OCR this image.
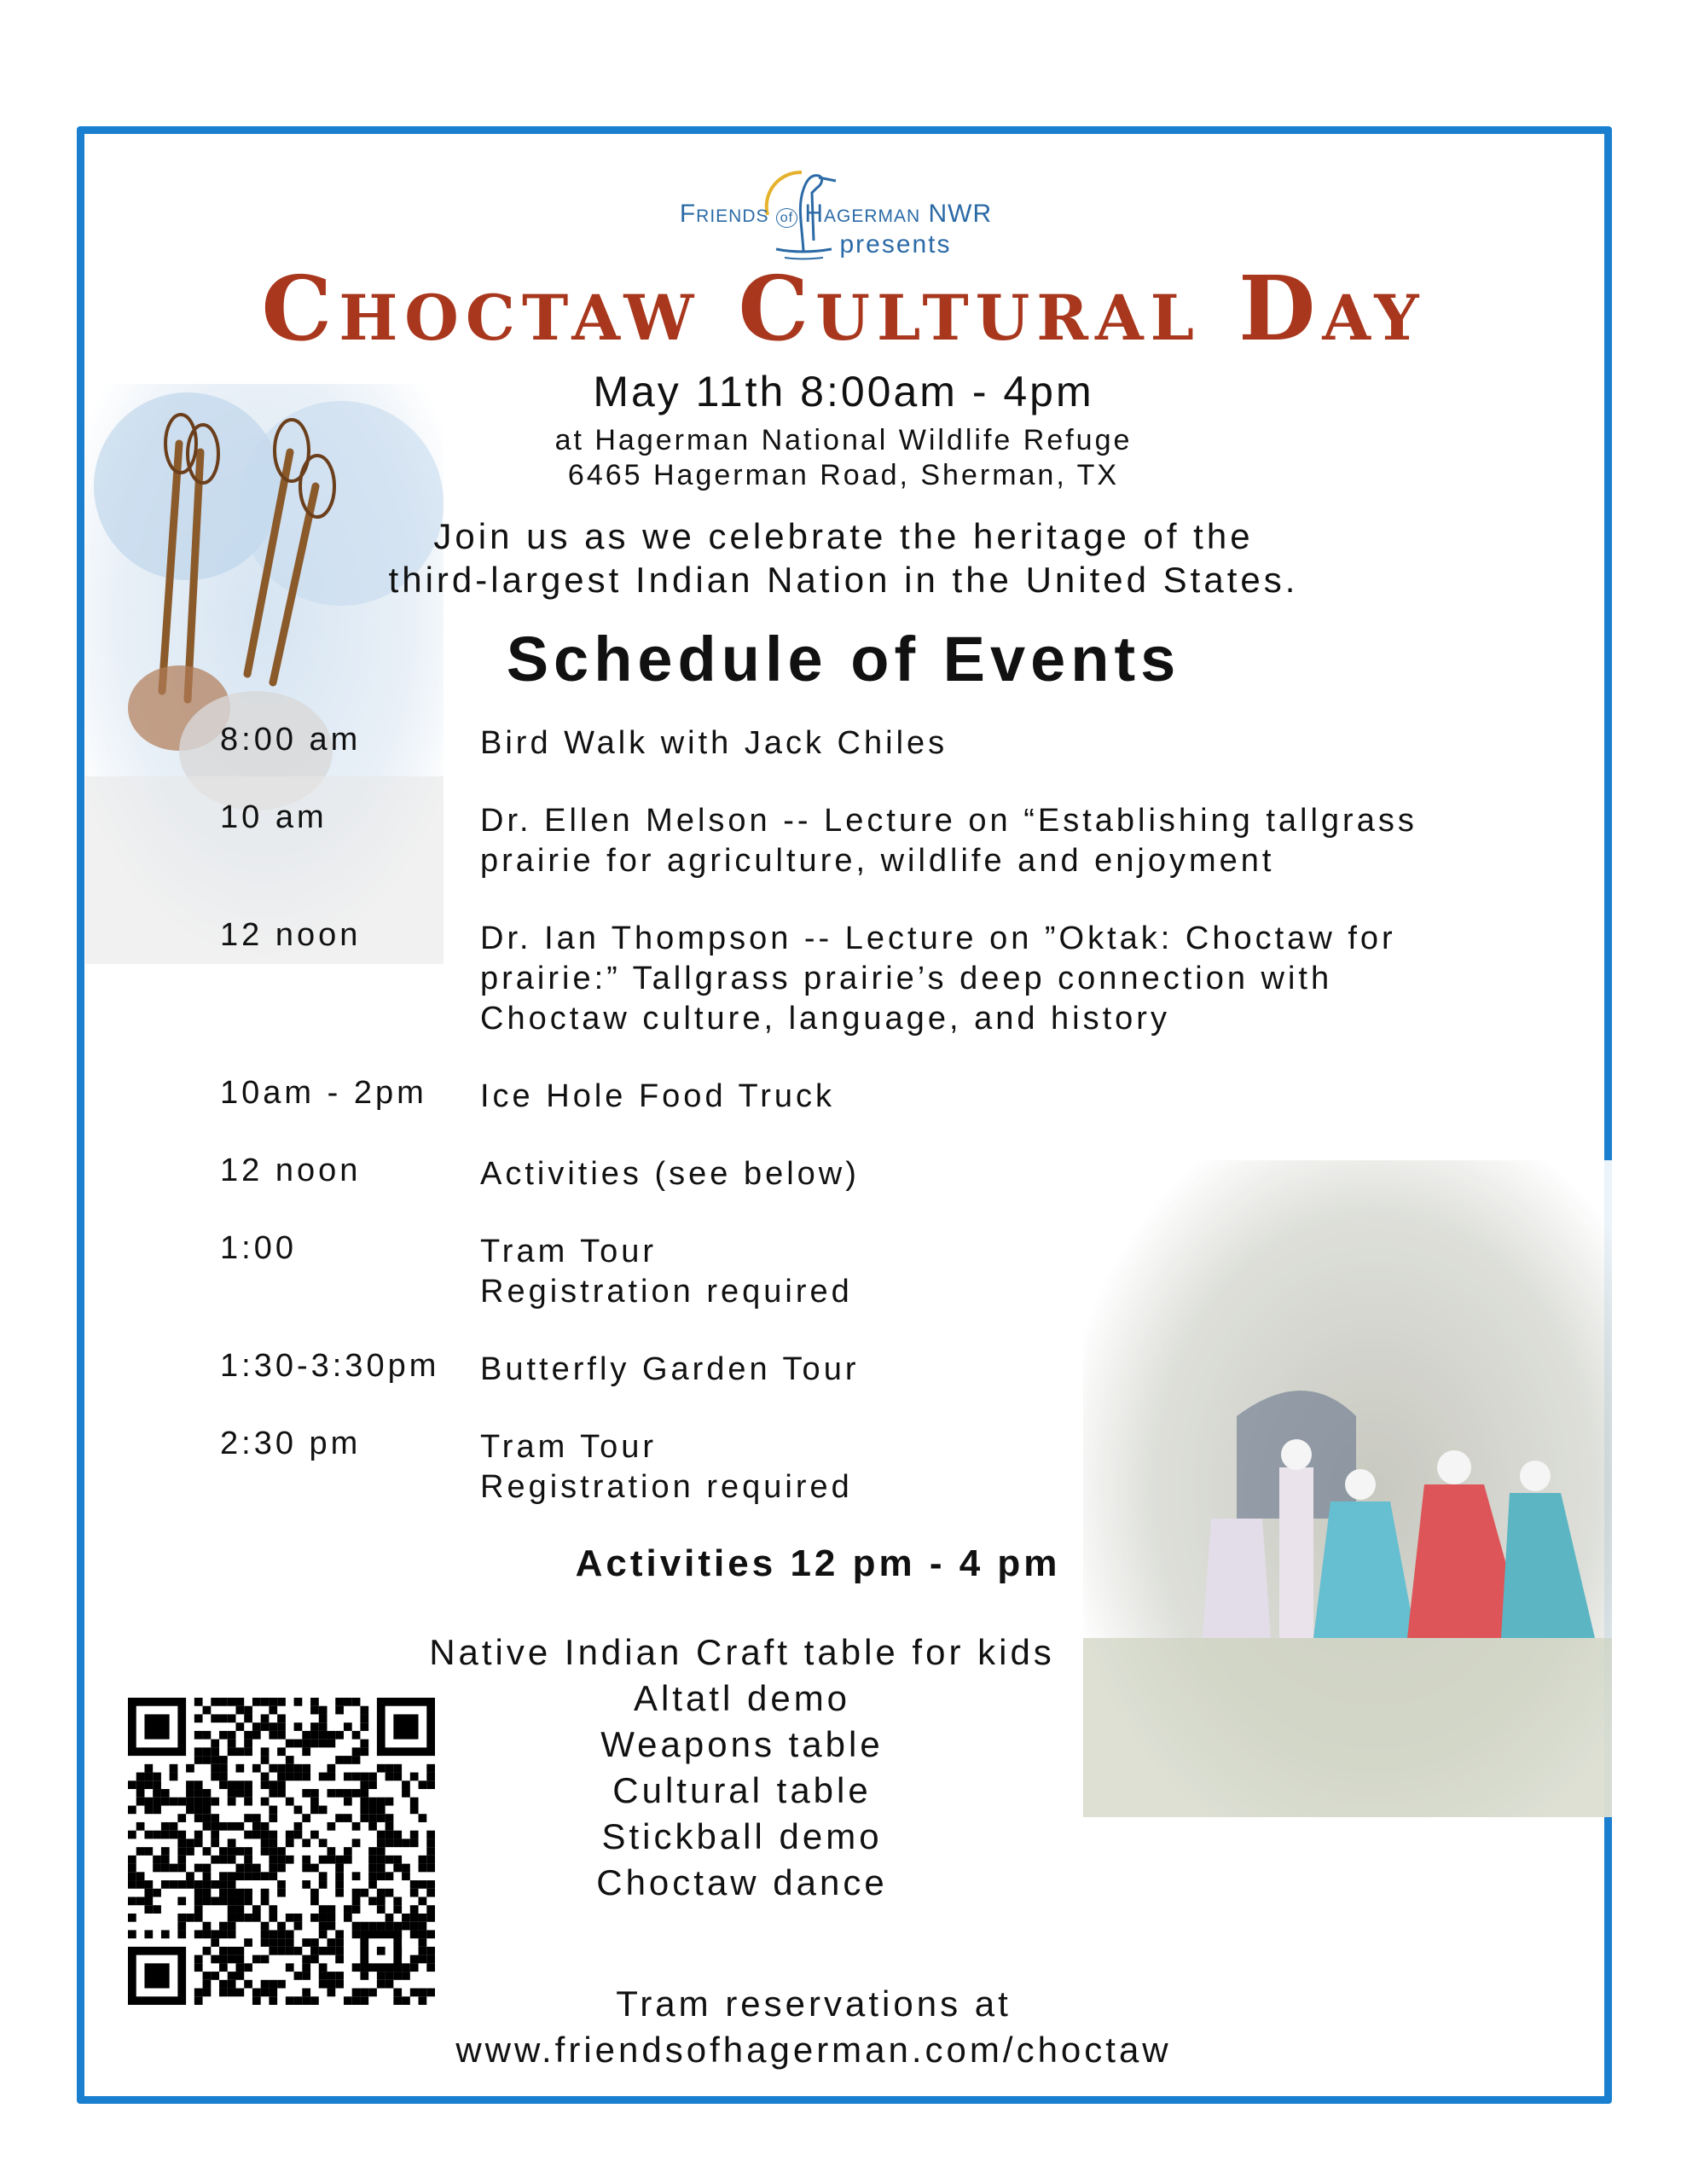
Friends of Hagerman NWR
presents
Choctaw Cultural Day
May 11th 8:00am - 4pm
at Hagerman National Wildlife Refuge
6465 Hagerman Road, Sherman, TX
Join us as we celebrate the heritage of the
third-largest Indian Nation in the United States.
Schedule of Events
8:00 am	Bird Walk with Jack Chiles
10 am	Dr. Ellen Melson -- Lecture on “Establishing tallgrass
prairie for agriculture, wildlife and enjoyment
12 noon	Dr. Ian Thompson -- Lecture on ”Oktak: Choctaw for
prairie:” Tallgrass prairie’s deep connection with
Choctaw culture, language, and history
10am - 2pm	Ice Hole Food Truck
12 noon	Activities (see below)
1:00	Tram Tour
Registration required
1:30-3:30pm	Butterfly Garden Tour
2:30 pm	Tram Tour
Registration required
Activities 12 pm - 4 pm
Native Indian Craft table for kids
Altatl demo
Weapons table
Cultural table
Stickball demo
Choctaw dance
Tram reservations at
www.friendsofhagerman.com/choctaw
